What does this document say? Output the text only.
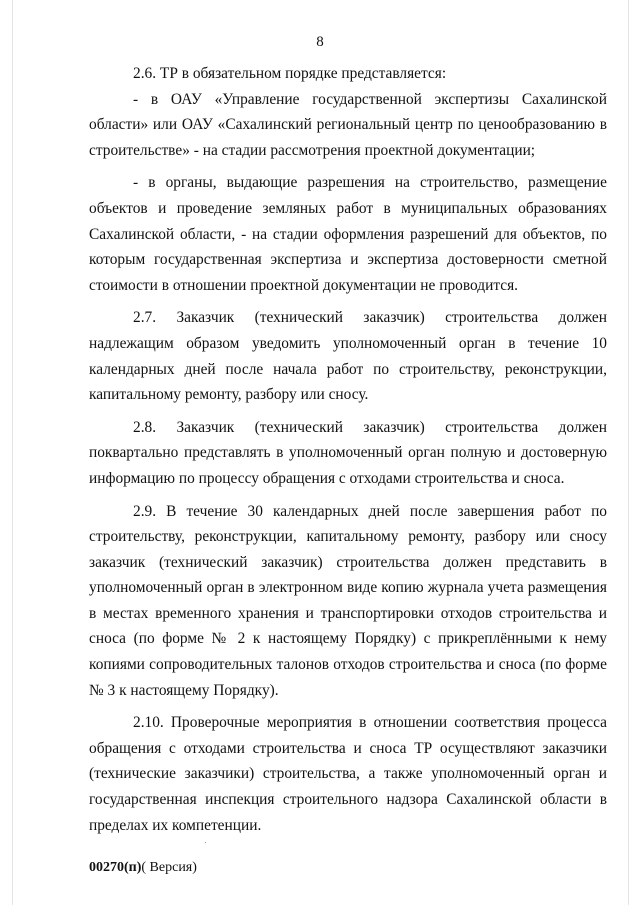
8

2.6. ТР в обязательном порядке представляется:

- в ОАУ «Управление государственной экспертизы Сахалинской области» или ОАУ «Сахалинский региональный центр по ценообразованию в строительстве» - на стадии рассмотрения проектной документации;

- в органы, выдающие разрешения на строительство, размещение объектов и проведение земляных работ в муниципальных образованиях Сахалинской области, - на стадии оформления разрешений для объектов, по которым государственная экспертиза и экспертиза достоверности сметной стоимости в отношении проектной документации не проводится.

2.7. Заказчик (технический заказчик) строительства должен надлежащим образом уведомить уполномоченный орган в течение 10 календарных дней после начала работ по строительству, реконструкции, капитальному ремонту, разбору или сносу.

2.8. Заказчик (технический заказчик) строительства должен поквартально представлять в уполномоченный орган полную и достоверную информацию по процессу обращения с отходами строительства и сноса.

2.9. В течение 30 календарных дней после завершения работ по строительству, реконструкции, капитальному ремонту, разбору или сносу заказчик (технический заказчик) строительства должен представить в уполномоченный орган в электронном виде копию журнала учета размещения в местах временного хранения и транспортировки отходов строительства и сноса (по форме № 2 к настоящему Порядку) с прикреплёнными к нему копиями сопроводительных талонов отходов строительства и сноса (по форме № 3 к настоящему Порядку).

2.10. Проверочные мероприятия в отношении соответствия процесса обращения с отходами строительства и сноса ТР осуществляют заказчики (технические заказчики) строительства, а также уполномоченный орган и государственная инспекция строительного надзора Сахалинской области в пределах их компетенции.

00270(п)( Версия)
